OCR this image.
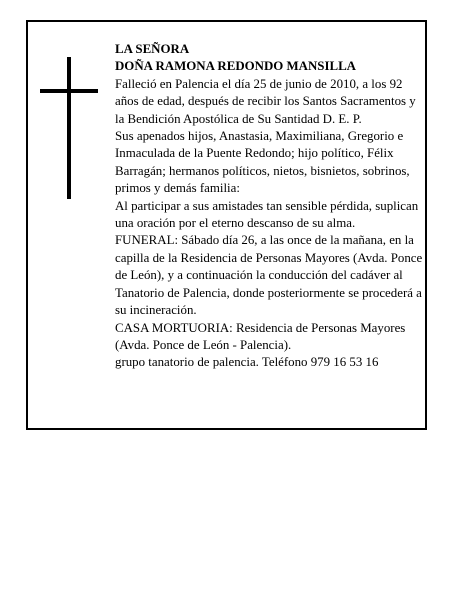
LA SEÑORA

DOÑA RAMONA REDONDO MANSILLA

Falleció en Palencia el día 25 de junio de 2010, a los 92 años de edad, después de recibir los Santos Sacramentos y la Bendición Apostólica de Su Santidad D. E. P.

Sus apenados hijos, Anastasia, Maximiliana, Gregorio e Inmaculada de la Puente Redondo; hijo político, Félix Barragán; hermanos políticos, nietos, bisnietos, sobrinos, primos y demás familia:

Al participar a sus amistades tan sensible pérdida, suplican una oración por el eterno descanso de su alma.

FUNERAL: Sábado día 26, a las once de la mañana, en la capilla de la Residencia de Personas Mayores (Avda. Ponce de León), y a continuación la conducción del cadáver al Tanatorio de Palencia, donde posteriormente se procederá a su incineración.

CASA MORTUORIA: Residencia de Personas Mayores (Avda. Ponce de León - Palencia).

grupo tanatorio de palencia. Teléfono 979 16 53 16
